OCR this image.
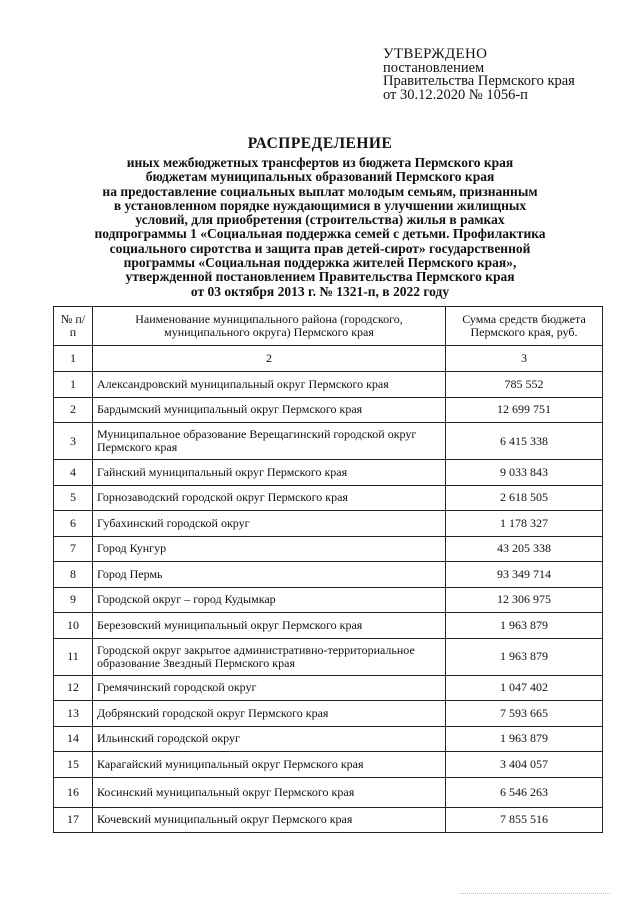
УТВЕРЖДЕНО
постановлением
Правительства Пермского края
от 30.12.2020 № 1056-п
РАСПРЕДЕЛЕНИЕ
иных межбюджетных трансфертов из бюджета Пермского края
бюджетам муниципальных образований Пермского края
на предоставление социальных выплат молодым семьям, признанным
в установленном порядке нуждающимися в улучшении жилищных
условий, для приобретения (строительства) жилья в рамках
подпрограммы 1 «Социальная поддержка семей с детьми. Профилактика
социального сиротства и защита прав детей-сирот» государственной
программы «Социальная поддержка жителей Пермского края»,
утвержденной постановлением Правительства Пермского края
от 03 октября 2013 г. № 1321-п, в 2022 году
№ п/п	Наименование муниципального района (городского, муниципального округа) Пермского края	Сумма средств бюджета Пермского края, руб.
1	2	3
1	Александровский муниципальный округ Пермского края	785 552
2	Бардымский муниципальный округ Пермского края	12 699 751
3	Муниципальное образование Верещагинский городской округ Пермского края	6 415 338
4	Гайнский муниципальный округ Пермского края	9 033 843
5	Горнозаводский городской округ Пермского края	2 618 505
6	Губахинский городской округ	1 178 327
7	Город Кунгур	43 205 338
8	Город Пермь	93 349 714
9	Городской округ – город Кудымкар	12 306 975
10	Березовский муниципальный округ Пермского края	1 963 879
11	Городской округ закрытое административно-территориальное образование Звездный Пермского края	1 963 879
12	Гремячинский городской округ	1 047 402
13	Добрянский городской округ Пермского края	7 593 665
14	Ильинский городской округ	1 963 879
15	Карагайский муниципальный округ Пермского края	3 404 057
16	Косинский муниципальный округ Пермского края	6 546 263
17	Кочевский муниципальный округ Пермского края	7 855 516
